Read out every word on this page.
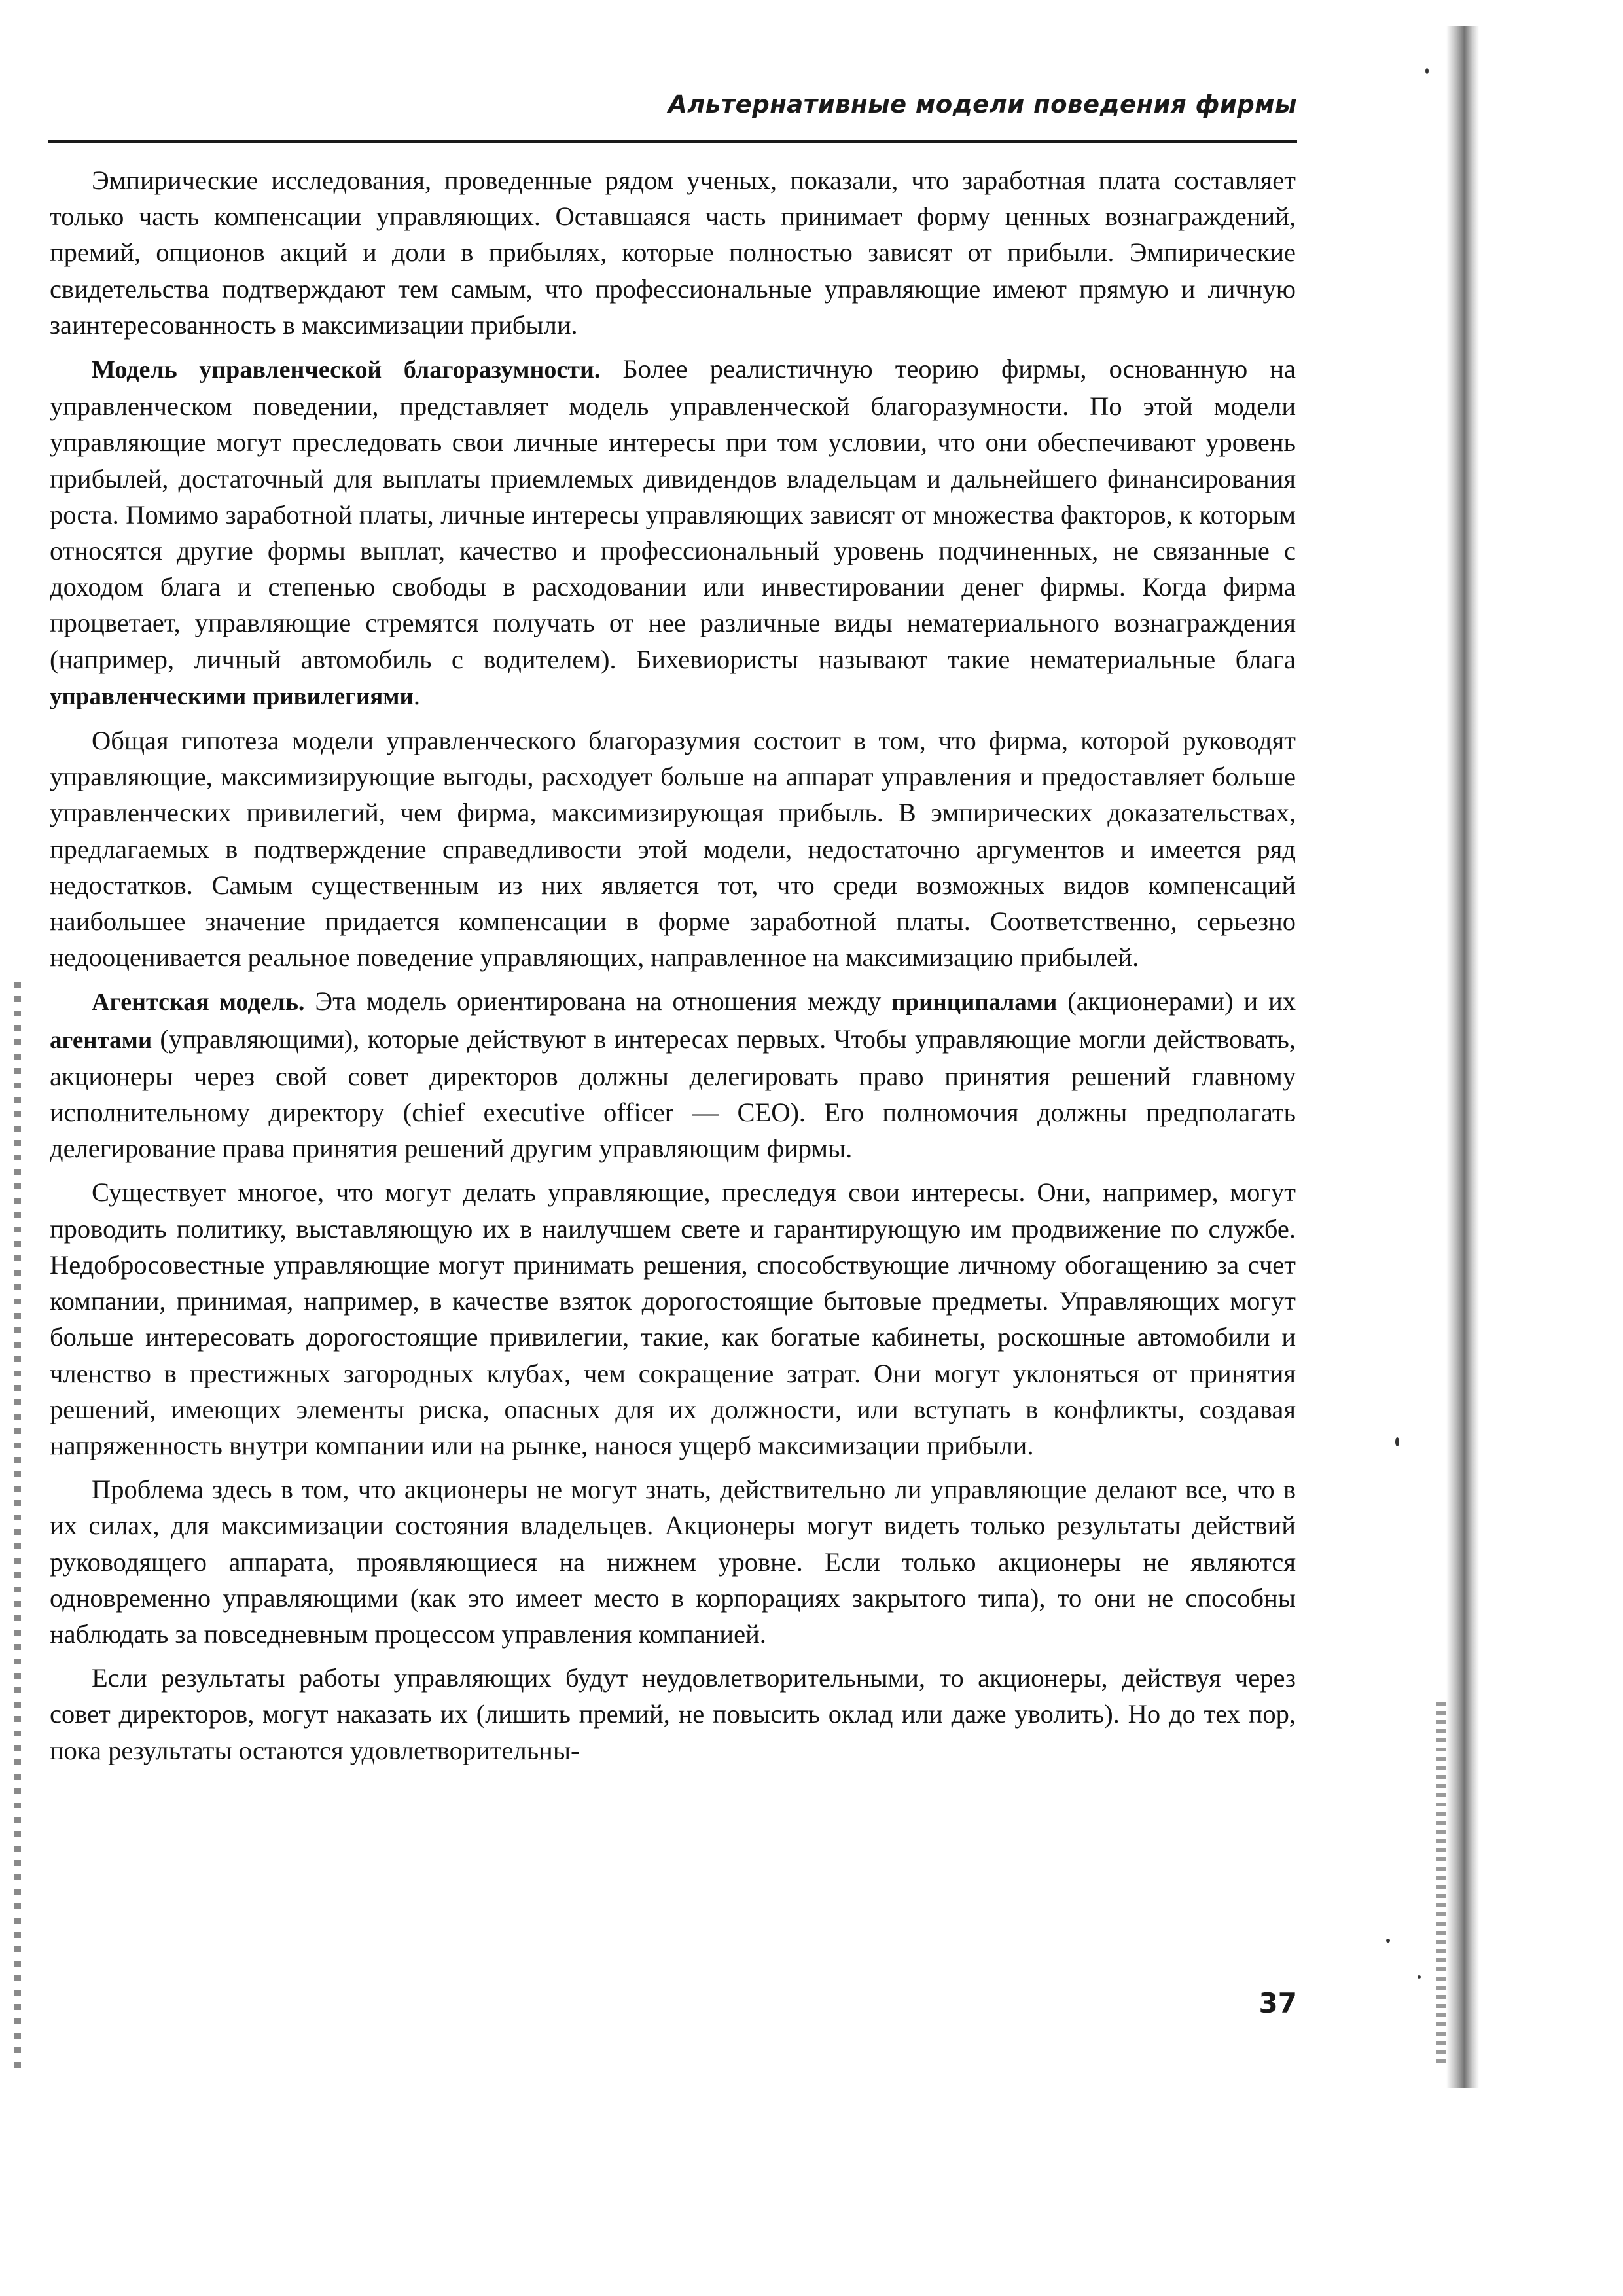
Альтернативные модели поведения фирмы

Эмпирические исследования, проведенные рядом ученых, показали, что заработная плата составляет только часть компенсации управляющих. Оставшаяся часть принимает форму ценных вознаграждений, премий, опционов акций и доли в прибылях, которые полностью зависят от прибыли. Эмпирические свидетельства подтверждают тем самым, что профессиональные управляющие имеют прямую и личную заинтересованность в максимизации прибыли.

Модель управленческой благоразумности. Более реалистичную теорию фирмы, основанную на управленческом поведении, представляет модель управленческой благоразумности. По этой модели управляющие могут преследовать свои личные интересы при том условии, что они обеспечивают уровень прибылей, достаточный для выплаты приемлемых дивидендов владельцам и дальнейшего финансирования роста. Помимо заработной платы, личные интересы управляющих зависят от множества факторов, к которым относятся другие формы выплат, качество и профессиональный уровень подчиненных, не связанные с доходом блага и степенью свободы в расходовании или инвестировании денег фирмы. Когда фирма процветает, управляющие стремятся получать от нее различные виды нематериального вознаграждения (например, личный автомобиль с водителем). Бихевиористы называют такие нематериальные блага управленческими привилегиями.

Общая гипотеза модели управленческого благоразумия состоит в том, что фирма, которой руководят управляющие, максимизирующие выгоды, расходует больше на аппарат управления и предоставляет больше управленческих привилегий, чем фирма, максимизирующая прибыль. В эмпирических доказательствах, предлагаемых в подтверждение справедливости этой модели, недостаточно аргументов и имеется ряд недостатков. Самым существенным из них является тот, что среди возможных видов компенсаций наибольшее значение придается компенсации в форме заработной платы. Соответственно, серьезно недооценивается реальное поведение управляющих, направленное на максимизацию прибылей.

Агентская модель. Эта модель ориентирована на отношения между принципалами (акционерами) и их агентами (управляющими), которые действуют в интересах первых. Чтобы управляющие могли действовать, акционеры через свой совет директоров должны делегировать право принятия решений главному исполнительному директору (chief executive officer — CEO). Его полномочия должны предполагать делегирование права принятия решений другим управляющим фирмы.

Существует многое, что могут делать управляющие, преследуя свои интересы. Они, например, могут проводить политику, выставляющую их в наилучшем свете и гарантирующую им продвижение по службе. Недобросовестные управляющие могут принимать решения, способствующие личному обогащению за счет компании, принимая, например, в качестве взяток дорогостоящие бытовые предметы. Управляющих могут больше интересовать дорогостоящие привилегии, такие, как богатые кабинеты, роскошные автомобили и членство в престижных загородных клубах, чем сокращение затрат. Они могут уклоняться от принятия решений, имеющих элементы риска, опасных для их должности, или вступать в конфликты, создавая напряженность внутри компании или на рынке, нанося ущерб максимизации прибыли.

Проблема здесь в том, что акционеры не могут знать, действительно ли управляющие делают все, что в их силах, для максимизации состояния владельцев. Акционеры могут видеть только результаты действий руководящего аппарата, проявляющиеся на нижнем уровне. Если только акционеры не являются одновременно управляющими (как это имеет место в корпорациях закрытого типа), то они не способны наблюдать за повседневным процессом управления компанией.

Если результаты работы управляющих будут неудовлетворительными, то акционеры, действуя через совет директоров, могут наказать их (лишить премий, не повысить оклад или даже уволить). Но до тех пор, пока результаты остаются удовлетворительны-

37
